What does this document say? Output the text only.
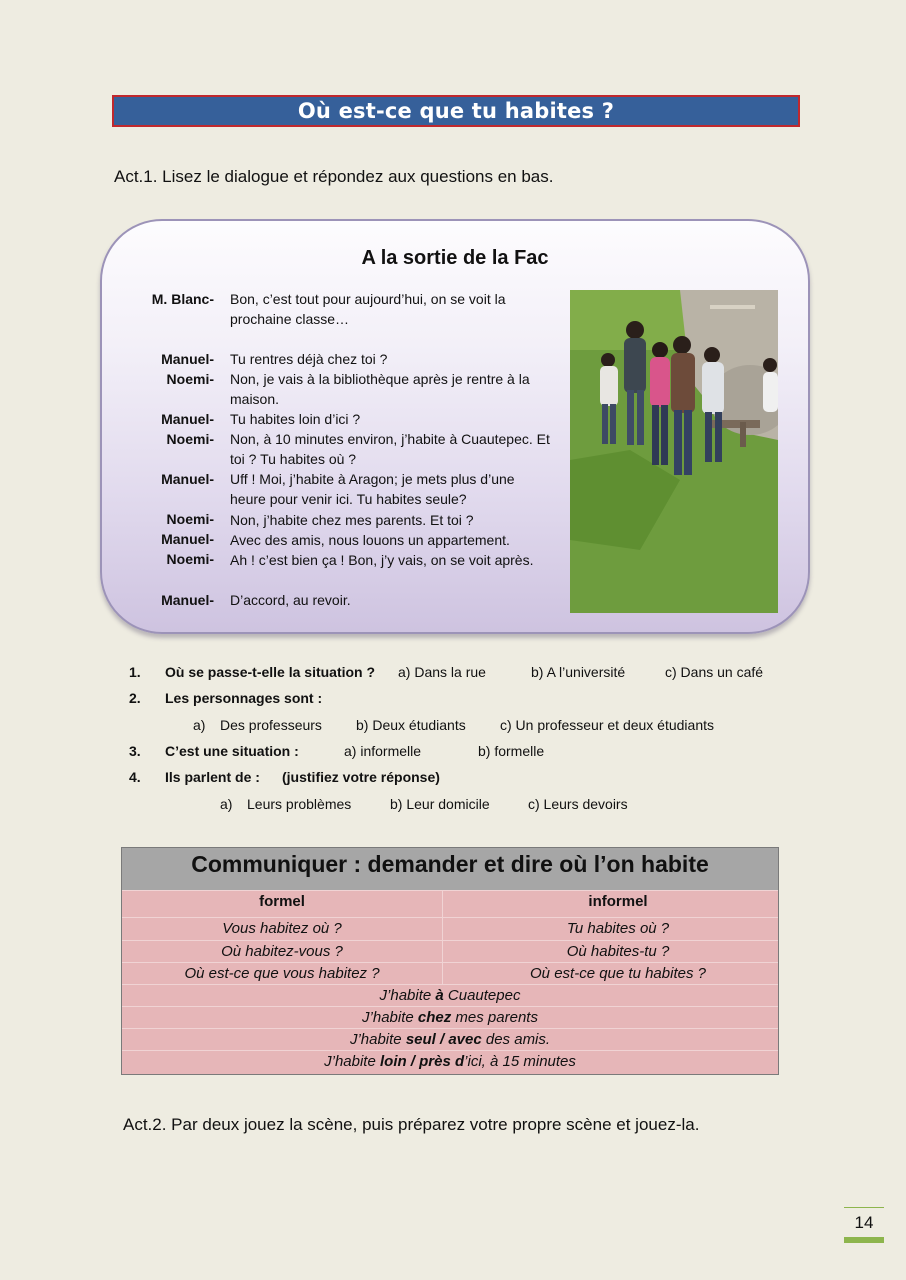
Où est-ce que tu habites ?
Act.1. Lisez le dialogue et répondez aux questions en bas.
A la sortie de la Fac
M. Blanc- Bon, c’est tout pour aujourd’hui, on se voit la prochaine classe…
Manuel- Tu rentres déjà chez toi ?
Noemi- Non, je vais à la bibliothèque après je rentre à la maison.
Manuel- Tu habites loin d’ici ?
Noemi- Non, à 10 minutes environ, j’habite à Cuautepec. Et toi ? Tu habites où ?
Manuel- Uff ! Moi, j’habite à Aragon; je mets plus d’une heure pour venir ici. Tu habites seule?
Noemi- Non, j’habite chez mes parents. Et toi ?
Manuel- Avec des amis, nous louons un appartement.
Noemi- Ah ! c’est bien ça ! Bon, j’y vais, on se voit après.
Manuel- D’accord, au revoir.
1. Où se passe-t-elle la situation ? a) Dans la rue	b) A l’université	c) Dans un café
2. Les personnages sont :
a) Des professeurs b) Deux étudiants c) Un professeur et deux étudiants
3. C’est une situation :	a) informelle	b) formelle
4. Ils parlent de : (justifiez votre réponse)
a) Leurs problèmes	b) Leur domicile	c) Leurs devoirs
Communiquer : demander et dire où l’on habite
formel	informel
Vous habitez où ?	Tu habites où ?
Où habitez-vous ?	Où habites-tu ?
Où est-ce que vous habitez ?	Où est-ce que tu habites ?
J’habite à Cuautepec
J’habite chez mes parents
J’habite seul / avec des amis.
J’habite loin / près d’ici, à 15 minutes
Act.2. Par deux jouez la scène, puis préparez votre propre scène et jouez-la.
14
